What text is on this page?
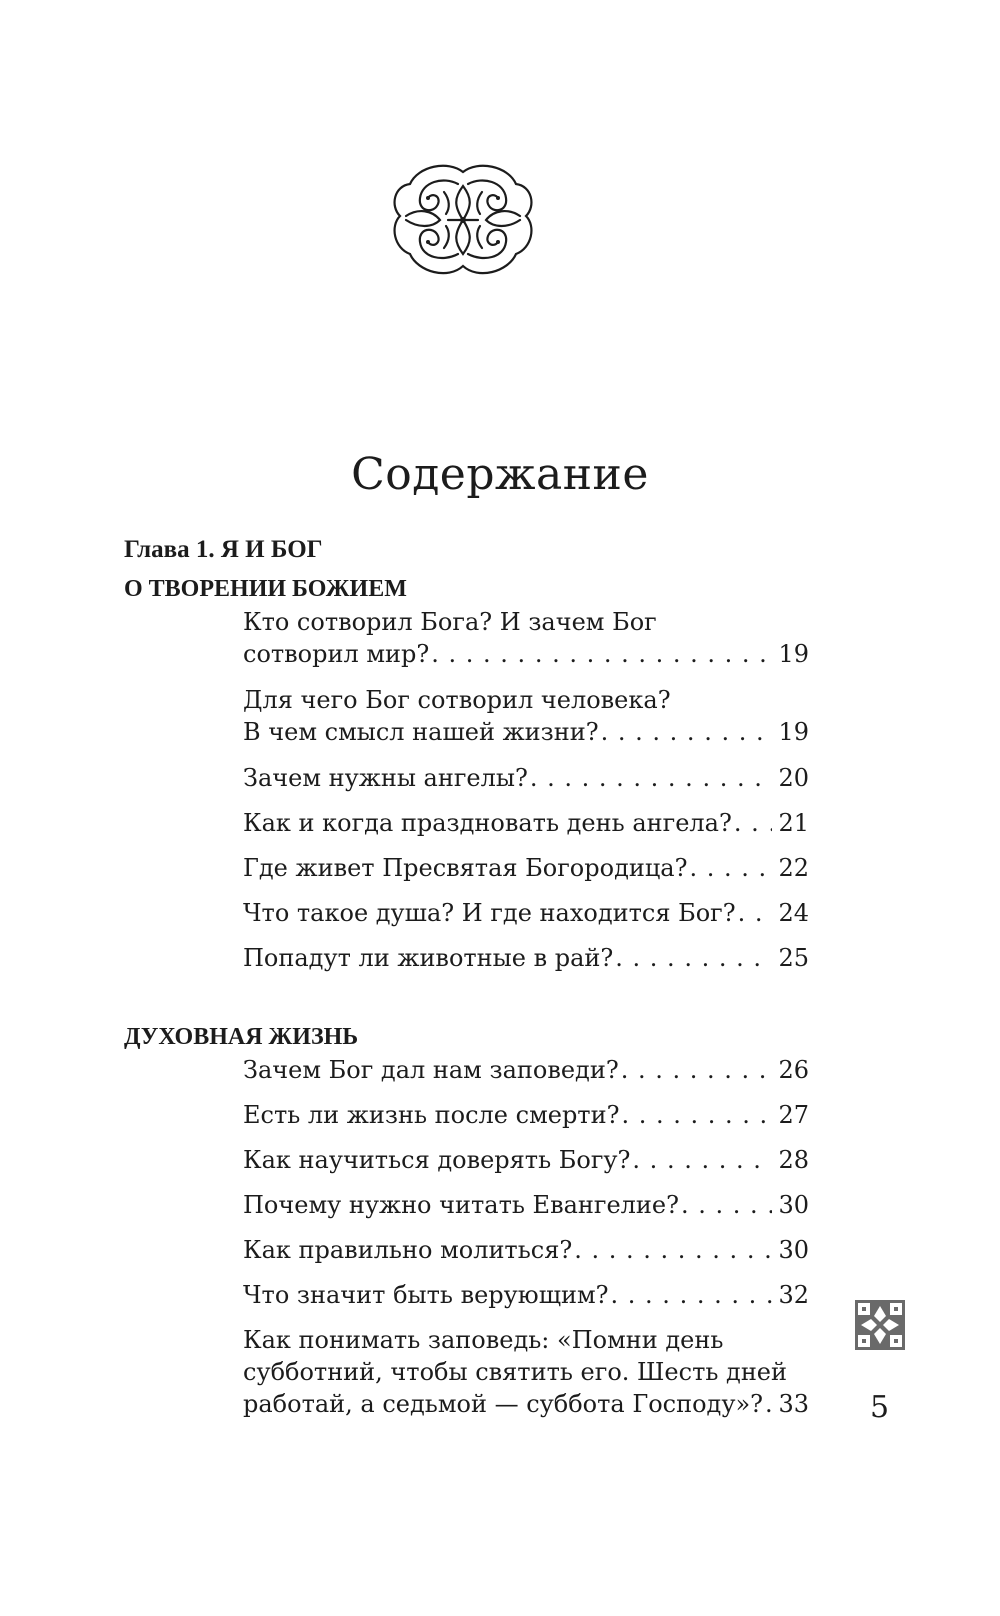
Содержание
Глава 1. Я И БОГ
О ТВОРЕНИИ БОЖИЕМ
Кто сотворил Бога? И зачем Бог
сотворил мир? . . .	19
Для чего Бог сотворил человека?
В чем смысл нашей жизни? . . .	19
Зачем нужны ангелы? . . .	20
Как и когда праздновать день ангела? . . . 21
Где живет Пресвятая Богородица? . . .	22
Что такое душа? И где находится Бог? . . . 24
Попадут ли животные в рай? . . .	25
ДУХОВНАЯ ЖИЗНЬ
Зачем Бог дал нам заповеди? . . .	26
Есть ли жизнь после смерти? . . .	27
Как научиться доверять Богу? . . .	28
Почему нужно читать Евангелие? . . .	30
Как правильно молиться? . . .	30
Что значит быть верующим? . . .	32
Как понимать заповедь: «Помни день
субботний, чтобы святить его. Шесть дней
работай, а седьмой — суббота Господу»? . . . 33 5
